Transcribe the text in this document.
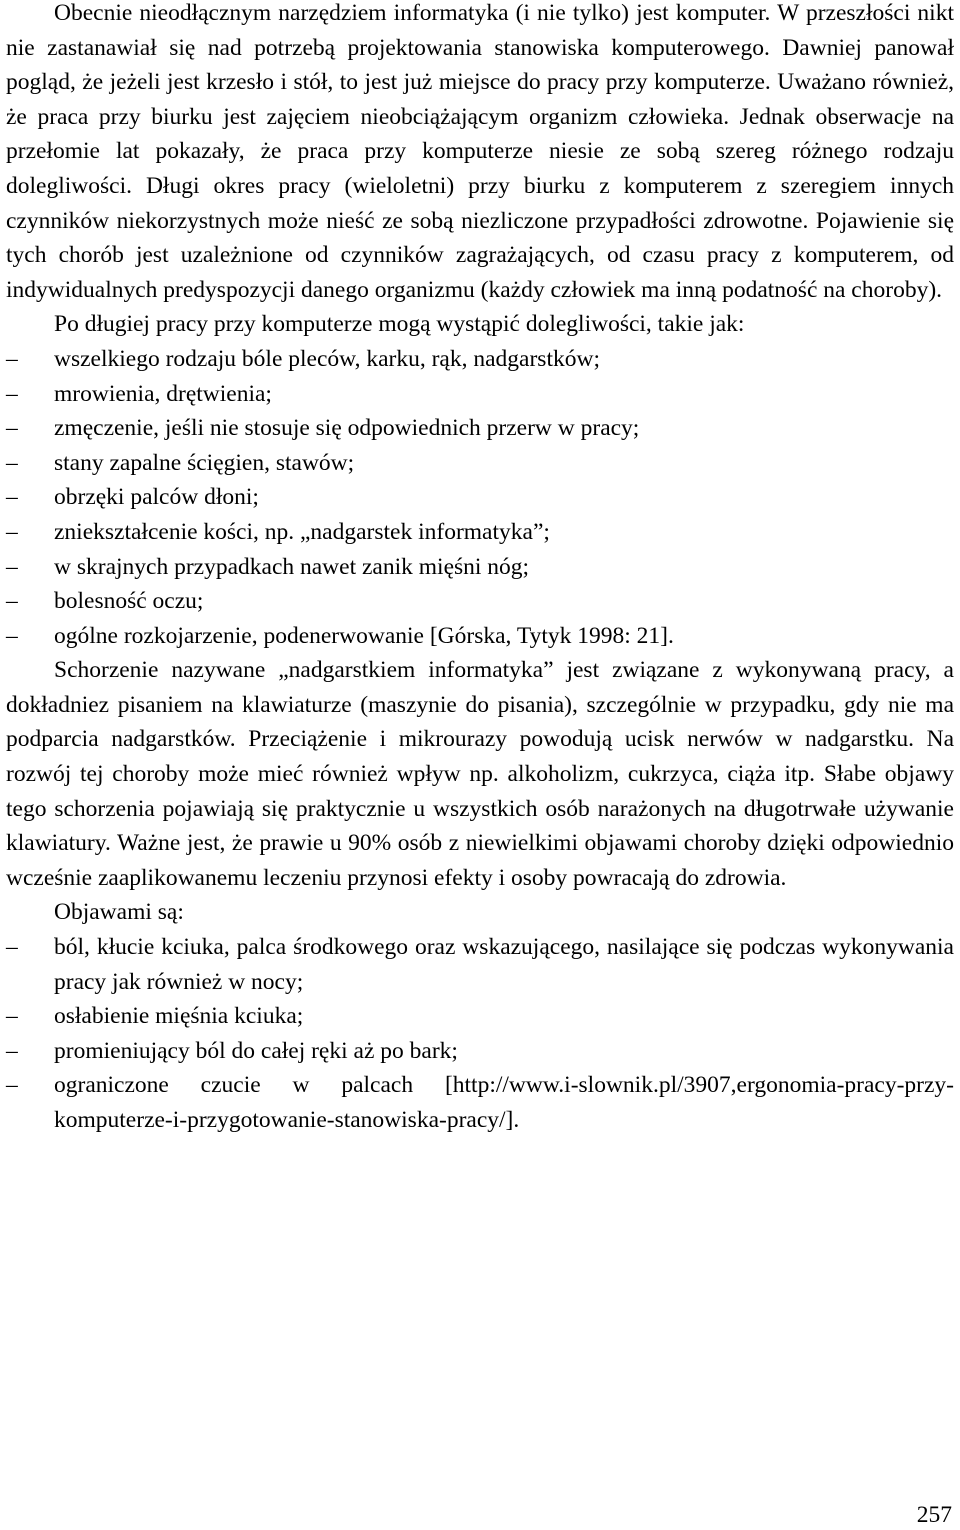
Obecnie nieodłącznym narzędziem informatyka (i nie tylko) jest komputer. W przeszłości nikt nie zastanawiał się nad potrzebą projektowania stanowiska komputerowego. Dawniej panował pogląd, że jeżeli jest krzesło i stół, to jest już miejsce do pracy przy komputerze. Uważano również, że praca przy biurku jest zajęciem nieobciążającym organizm człowieka. Jednak obserwacje na przełomie lat pokazały, że praca przy komputerze niesie ze sobą szereg różnego rodzaju dolegliwości. Długi okres pracy (wieloletni) przy biurku z komputerem z szeregiem innych czynników niekorzystnych może nieść ze sobą niezliczone przypadłości zdrowotne. Pojawienie się tych chorób jest uzależnione od czynników zagrażających, od czasu pracy z komputerem, od indywidualnych predyspozycji danego organizmu (każdy człowiek ma inną podatność na choroby).

Po długiej pracy przy komputerze mogą wystąpić dolegliwości, takie jak:

–	wszelkiego rodzaju bóle pleców, karku, rąk, nadgarstków;
–	mrowienia, drętwienia;
–	zmęczenie, jeśli nie stosuje się odpowiednich przerw w pracy;
–	stany zapalne ścięgien, stawów;
–	obrzęki palców dłoni;
–	zniekształcenie kości, np. „nadgarstek informatyka”;
–	w skrajnych przypadkach nawet zanik mięśni nóg;
–	bolesność oczu;
–	ogólne rozkojarzenie, podenerwowanie [Górska, Tytyk 1998: 21].

Schorzenie nazywane „nadgarstkiem informatyka” jest związane z wykonywaną pracy, a dokładniez pisaniem na klawiaturze (maszynie do pisania), szczególnie w przypadku, gdy nie ma podparcia nadgarstków. Przeciążenie i mikrourazy powodują ucisk nerwów w nadgarstku. Na rozwój tej choroby może mieć również wpływ np. alkoholizm, cukrzyca, ciąża itp. Słabe objawy tego schorzenia pojawiają się praktycznie u wszystkich osób narażonych na długotrwałe używanie klawiatury. Ważne jest, że prawie u 90% osób z niewielkimi objawami choroby dzięki odpowiednio wcześnie zaaplikowanemu leczeniu przynosi efekty i osoby powracają do zdrowia.

Objawami są:

–	ból, kłucie kciuka, palca środkowego oraz wskazującego, nasilające się podczas wykonywania pracy jak również w nocy;
–	osłabienie mięśnia kciuka;
–	promieniujący ból do całej ręki aż po bark;
–	ograniczone czucie w palcach [http://www.i-slownik.pl/3907,ergonomia-pracy-przy-komputerze-i-przygotowanie-stanowiska-pracy/].
257
